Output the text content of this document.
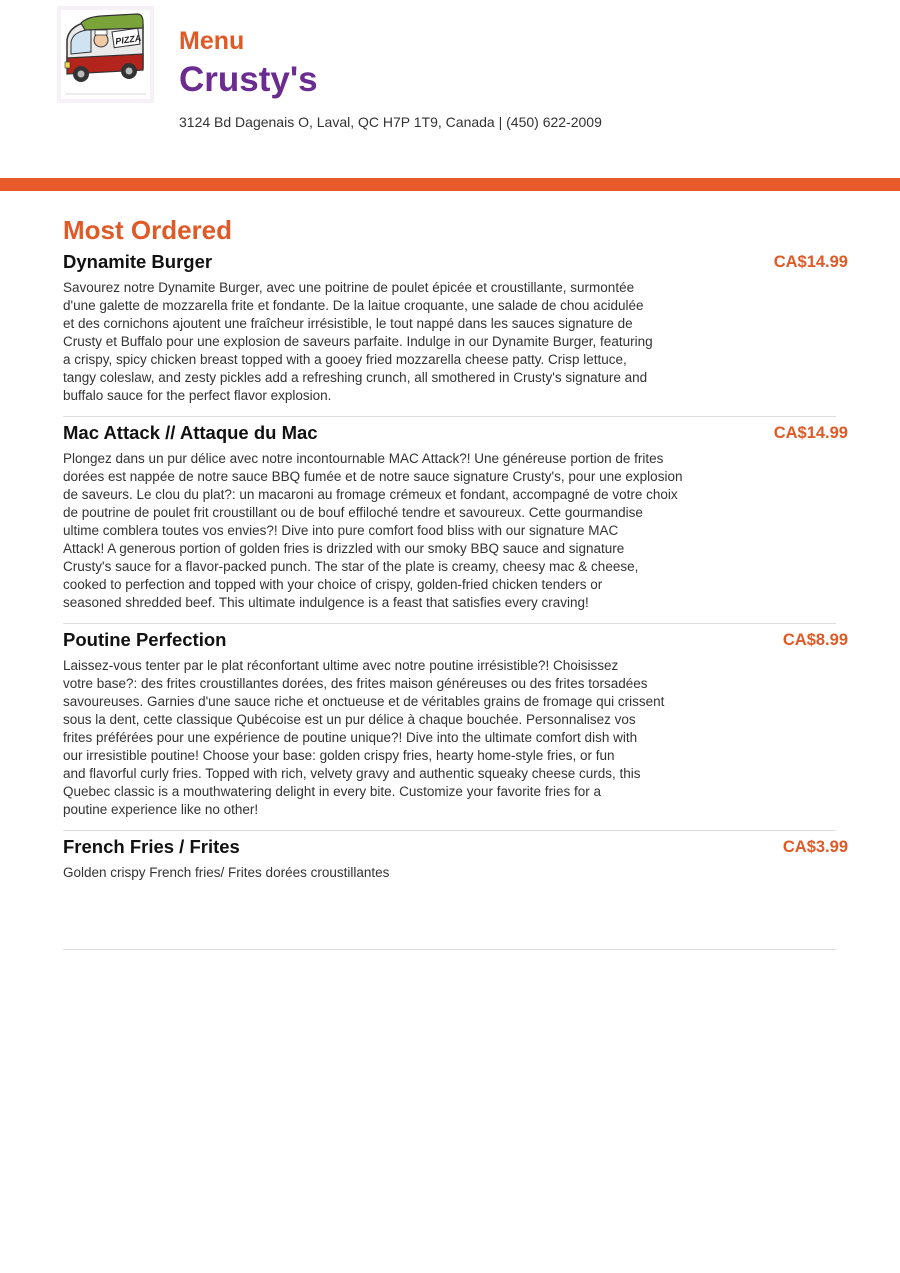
PIZZA Menu
Crusty's
3124 Bd Dagenais O, Laval, QC H7P 1T9, Canada | (450) 622-2009
Most Ordered
Dynamite Burger	CA$14.99
Savourez notre Dynamite Burger, avec une poitrine de poulet épicée et croustillante, surmontée
d'une galette de mozzarella frite et fondante. De la laitue croquante, une salade de chou acidulée
et des cornichons ajoutent une fraîcheur irrésistible, le tout nappé dans les sauces signature de
Crusty et Buffalo pour une explosion de saveurs parfaite. Indulge in our Dynamite Burger, featuring
a crispy, spicy chicken breast topped with a gooey fried mozzarella cheese patty. Crisp lettuce,
tangy coleslaw, and zesty pickles add a refreshing crunch, all smothered in Crusty's signature and
buffalo sauce for the perfect flavor explosion.
Mac Attack // Attaque du Mac	CA$14.99
Plongez dans un pur délice avec notre incontournable MAC Attack?! Une généreuse portion de frites
dorées est nappée de notre sauce BBQ fumée et de notre sauce signature Crusty's, pour une explosion
de saveurs. Le clou du plat?: un macaroni au fromage crémeux et fondant, accompagné de votre choix
de poutrine de poulet frit croustillant ou de bouf effiloché tendre et savoureux. Cette gourmandise
ultime comblera toutes vos envies?! Dive into pure comfort food bliss with our signature MAC
Attack! A generous portion of golden fries is drizzled with our smoky BBQ sauce and signature
Crusty's sauce for a flavor-packed punch. The star of the plate is creamy, cheesy mac & cheese,
cooked to perfection and topped with your choice of crispy, golden-fried chicken tenders or
seasoned shredded beef. This ultimate indulgence is a feast that satisfies every craving!
Poutine Perfection	CA$8.99
Laissez-vous tenter par le plat réconfortant ultime avec notre poutine irrésistible?! Choisissez
votre base?: des frites croustillantes dorées, des frites maison généreuses ou des frites torsadées
savoureuses. Garnies d'une sauce riche et onctueuse et de véritables grains de fromage qui crissent
sous la dent, cette classique Qubécoise est un pur délice à chaque bouchée. Personnalisez vos
frites préférées pour une expérience de poutine unique?! Dive into the ultimate comfort dish with
our irresistible poutine! Choose your base: golden crispy fries, hearty home-style fries, or fun
and flavorful curly fries. Topped with rich, velvety gravy and authentic squeaky cheese curds, this
Quebec classic is a mouthwatering delight in every bite. Customize your favorite fries for a
poutine experience like no other!
French Fries / Frites	CA$3.99
Golden crispy French fries/ Frites dorées croustillantes
